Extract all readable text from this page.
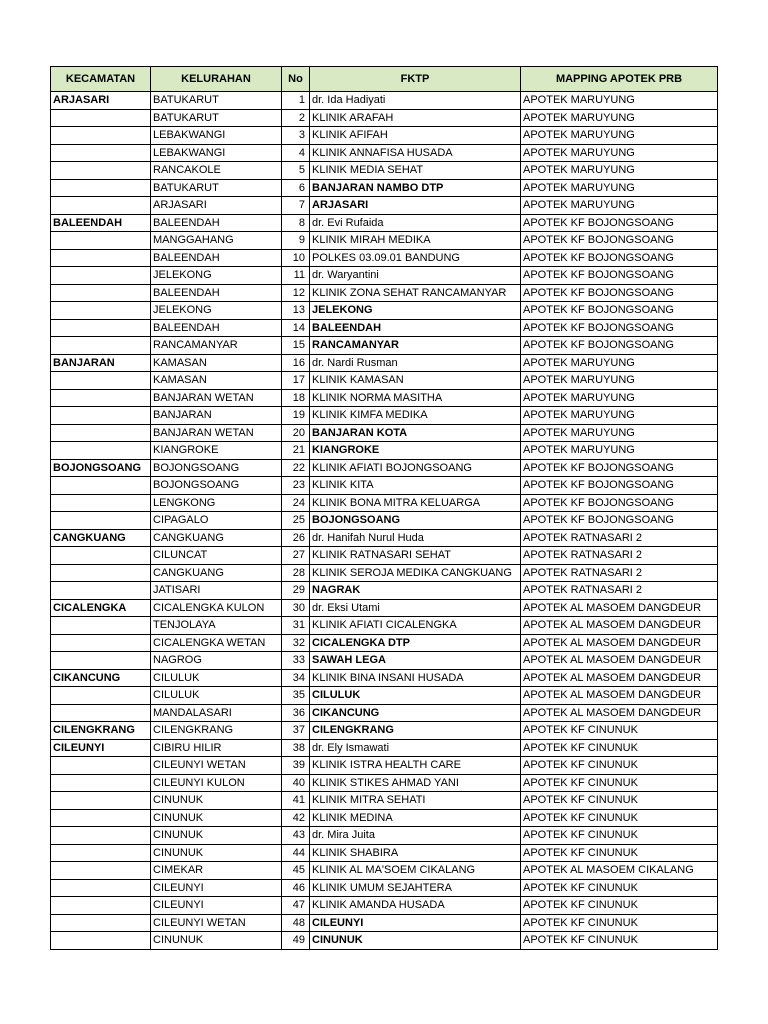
KECAMATAN	KELURAHAN	No	FKTP	MAPPING APOTEK PRB
ARJASARI	BATUKARUT	1	dr. Ida Hadiyati	APOTEK MARUYUNG
	BATUKARUT	2	KLINIK ARAFAH	APOTEK MARUYUNG
	LEBAKWANGI	3	KLINIK AFIFAH	APOTEK MARUYUNG
	LEBAKWANGI	4	KLINIK ANNAFISA HUSADA	APOTEK MARUYUNG
	RANCAKOLE	5	KLINIK MEDIA SEHAT	APOTEK MARUYUNG
	BATUKARUT	6	BANJARAN NAMBO DTP	APOTEK MARUYUNG
	ARJASARI	7	ARJASARI	APOTEK MARUYUNG
BALEENDAH	BALEENDAH	8	dr. Evi Rufaida	APOTEK KF BOJONGSOANG
	MANGGAHANG	9	KLINIK MIRAH MEDIKA	APOTEK KF BOJONGSOANG
	BALEENDAH	10	POLKES 03.09.01 BANDUNG	APOTEK KF BOJONGSOANG
	JELEKONG	11	dr. Waryantini	APOTEK KF BOJONGSOANG
	BALEENDAH	12	KLINIK ZONA SEHAT RANCAMANYAR	APOTEK KF BOJONGSOANG
	JELEKONG	13	JELEKONG	APOTEK KF BOJONGSOANG
	BALEENDAH	14	BALEENDAH	APOTEK KF BOJONGSOANG
	RANCAMANYAR	15	RANCAMANYAR	APOTEK KF BOJONGSOANG
BANJARAN	KAMASAN	16	dr. Nardi Rusman	APOTEK MARUYUNG
	KAMASAN	17	KLINIK KAMASAN	APOTEK MARUYUNG
	BANJARAN WETAN	18	KLINIK NORMA MASITHA	APOTEK MARUYUNG
	BANJARAN	19	KLINIK KIMFA MEDIKA	APOTEK MARUYUNG
	BANJARAN WETAN	20	BANJARAN KOTA	APOTEK MARUYUNG
	KIANGROKE	21	KIANGROKE	APOTEK MARUYUNG
BOJONGSOANG	BOJONGSOANG	22	KLINIK AFIATI BOJONGSOANG	APOTEK KF BOJONGSOANG
	BOJONGSOANG	23	KLINIK KITA	APOTEK KF BOJONGSOANG
	LENGKONG	24	KLINIK BONA MITRA KELUARGA	APOTEK KF BOJONGSOANG
	CIPAGALO	25	BOJONGSOANG	APOTEK KF BOJONGSOANG
CANGKUANG	CANGKUANG	26	dr. Hanifah Nurul Huda	APOTEK RATNASARI 2
	CILUNCAT	27	KLINIK RATNASARI SEHAT	APOTEK RATNASARI 2
	CANGKUANG	28	KLINIK SEROJA MEDIKA CANGKUANG	APOTEK RATNASARI 2
	JATISARI	29	NAGRAK	APOTEK RATNASARI 2
CICALENGKA	CICALENGKA KULON	30	dr. Eksi Utami	APOTEK AL MASOEM DANGDEUR
	TENJOLAYA	31	KLINIK AFIATI CICALENGKA	APOTEK AL MASOEM DANGDEUR
	CICALENGKA WETAN	32	CICALENGKA DTP	APOTEK AL MASOEM DANGDEUR
	NAGROG	33	SAWAH LEGA	APOTEK AL MASOEM DANGDEUR
CIKANCUNG	CILULUK	34	KLINIK BINA INSANI HUSADA	APOTEK AL MASOEM DANGDEUR
	CILULUK	35	CILULUK	APOTEK AL MASOEM DANGDEUR
	MANDALASARI	36	CIKANCUNG	APOTEK AL MASOEM DANGDEUR
CILENGKRANG	CILENGKRANG	37	CILENGKRANG	APOTEK KF CINUNUK
CILEUNYI	CIBIRU HILIR	38	dr. Ely Ismawati	APOTEK KF CINUNUK
	CILEUNYI WETAN	39	KLINIK ISTRA HEALTH CARE	APOTEK KF CINUNUK
	CILEUNYI KULON	40	KLINIK STIKES AHMAD YANI	APOTEK KF CINUNUK
	CINUNUK	41	KLINIK MITRA SEHATI	APOTEK KF CINUNUK
	CINUNUK	42	KLINIK MEDINA	APOTEK KF CINUNUK
	CINUNUK	43	dr. Mira Juita	APOTEK KF CINUNUK
	CINUNUK	44	KLINIK SHABIRA	APOTEK KF CINUNUK
	CIMEKAR	45	KLINIK AL MA'SOEM CIKALANG	APOTEK AL MASOEM CIKALANG
	CILEUNYI	46	KLINIK UMUM SEJAHTERA	APOTEK KF CINUNUK
	CILEUNYI	47	KLINIK AMANDA HUSADA	APOTEK KF CINUNUK
	CILEUNYI WETAN	48	CILEUNYI	APOTEK KF CINUNUK
	CINUNUK	49	CINUNUK	APOTEK KF CINUNUK
